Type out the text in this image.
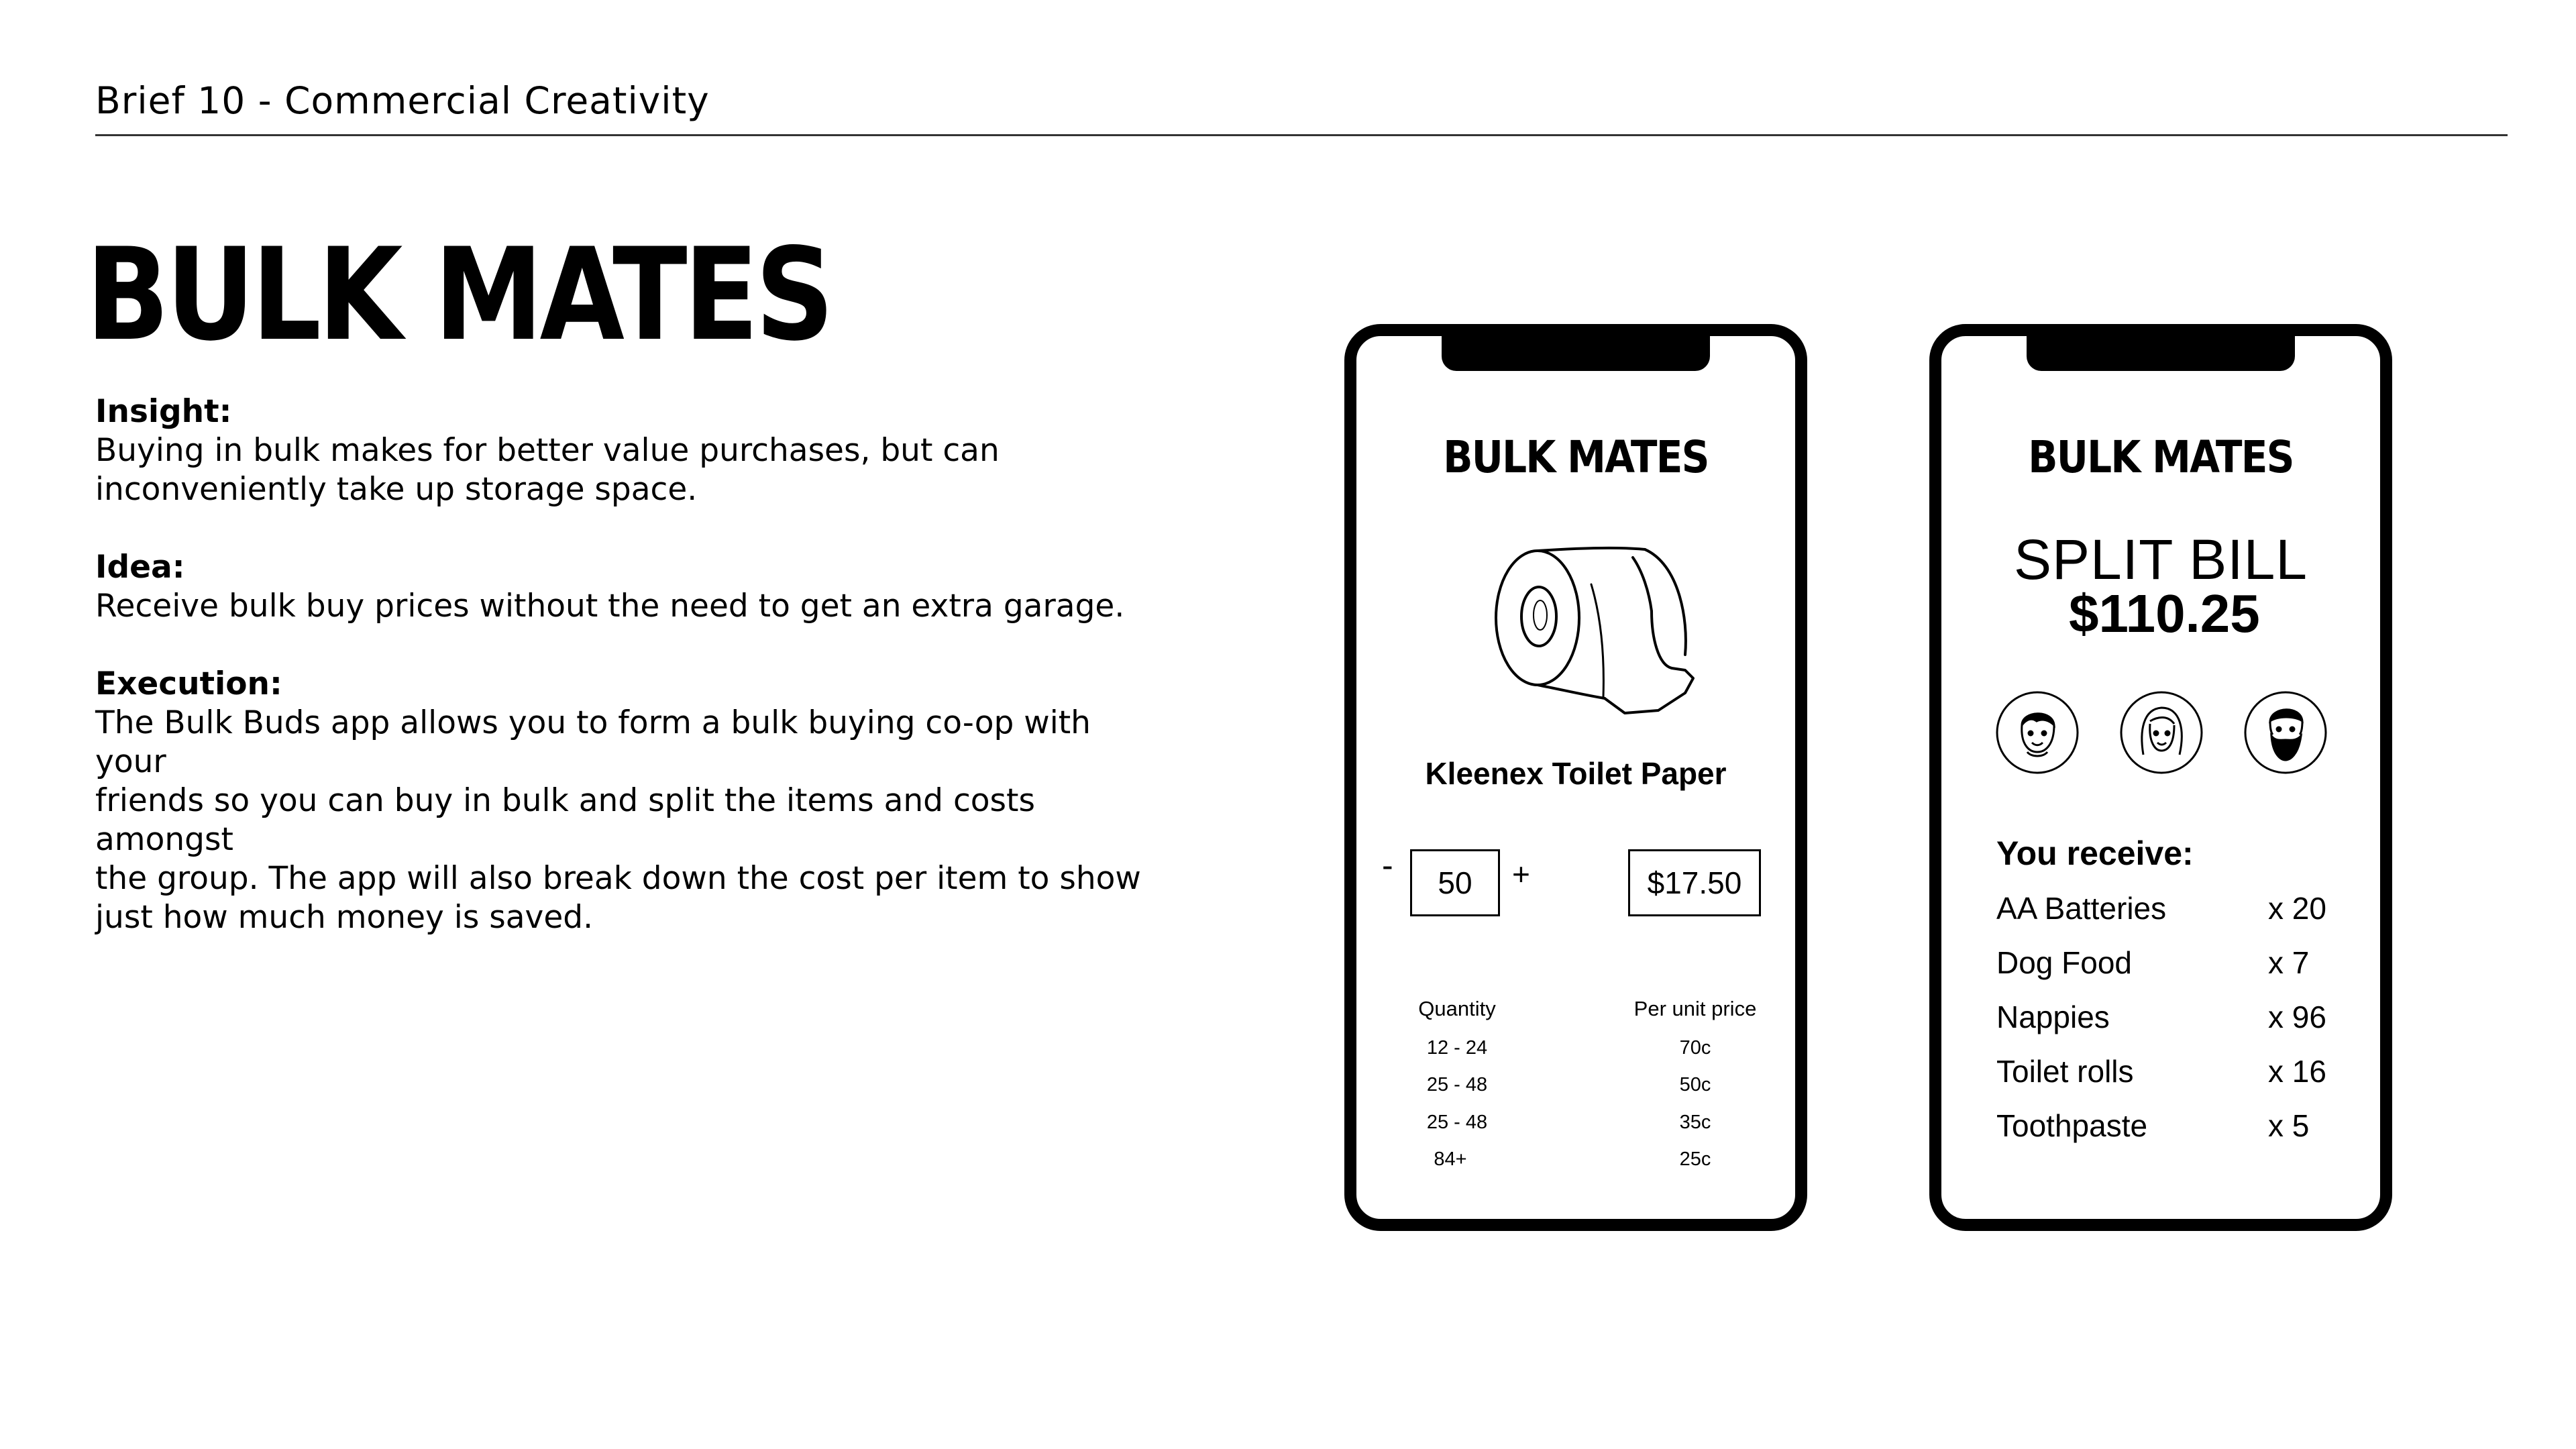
Brief 10 - Commercial Creativity
BULK MATES
Insight:
Buying in bulk makes for better value purchases, but can
inconveniently take up storage space.
Idea:
Receive bulk buy prices without the need to get an extra garage.
Execution:
The Bulk Buds app allows you to form a bulk buying co-op with your
friends so you can buy in bulk and split the items and costs amongst
the group. The app will also break down the cost per item to show
just how much money is saved.
BULK MATES
Kleenex Toilet Paper
-	50	+	$17.50
Quantity	Per unit price
12 - 24	70c
25 - 48	50c
25 - 48	35c
84+	25c
BULK MATES
SPLIT BILL
$110.25
You receive:
AA Batteries	x 20
Dog Food	x 7
Nappies	x 96
Toilet rolls	x 16
Toothpaste	x 5
